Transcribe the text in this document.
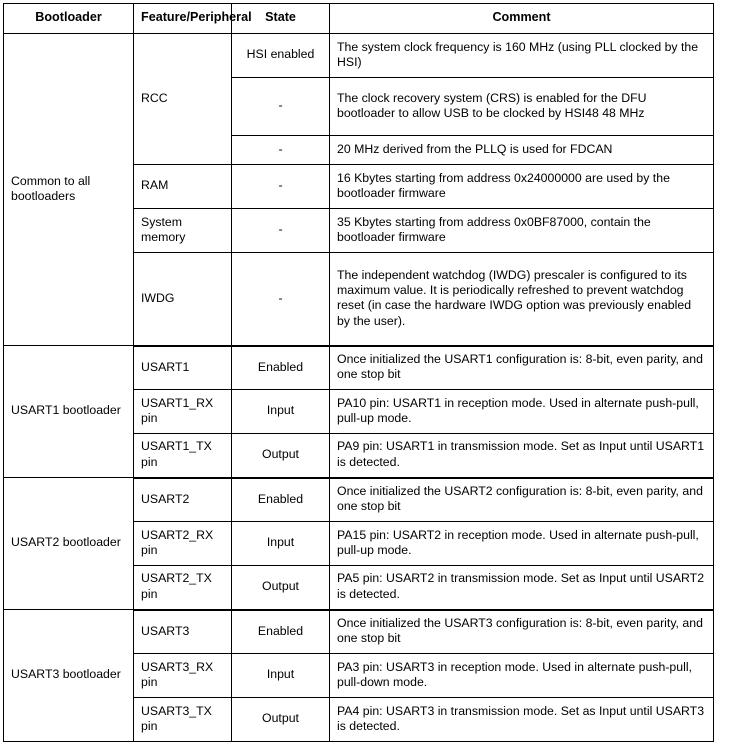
Bootloader	Feature/Peripheral	State	Comment
Common to all bootloaders	RCC	HSI enabled	The system clock frequency is 160 MHz (using PLL clocked by the HSI)
		-	The clock recovery system (CRS) is enabled for the DFU bootloader to allow USB to be clocked by HSI48 48 MHz
		-	20 MHz derived from the PLLQ is used for FDCAN
	RAM	-	16 Kbytes starting from address 0x24000000 are used by the bootloader firmware
	System memory	-	35 Kbytes starting from address 0x0BF87000, contain the bootloader firmware
	IWDG	-	The independent watchdog (IWDG) prescaler is configured to its maximum value. It is periodically refreshed to prevent watchdog reset (in case the hardware IWDG option was previously enabled by the user).
USART1 bootloader	USART1	Enabled	Once initialized the USART1 configuration is: 8-bit, even parity, and one stop bit
	USART1_RX pin	Input	PA10 pin: USART1 in reception mode. Used in alternate push-pull, pull-up mode.
	USART1_TX pin	Output	PA9 pin: USART1 in transmission mode. Set as Input until USART1 is detected.
USART2 bootloader	USART2	Enabled	Once initialized the USART2 configuration is: 8-bit, even parity, and one stop bit
	USART2_RX pin	Input	PA15 pin: USART2 in reception mode. Used in alternate push-pull, pull-up mode.
	USART2_TX pin	Output	PA5 pin: USART2 in transmission mode. Set as Input until USART2 is detected.
USART3 bootloader	USART3	Enabled	Once initialized the USART3 configuration is: 8-bit, even parity, and one stop bit
	USART3_RX pin	Input	PA3 pin: USART3 in reception mode. Used in alternate push-pull, pull-down mode.
	USART3_TX pin	Output	PA4 pin: USART3 in transmission mode. Set as Input until USART3 is detected.
